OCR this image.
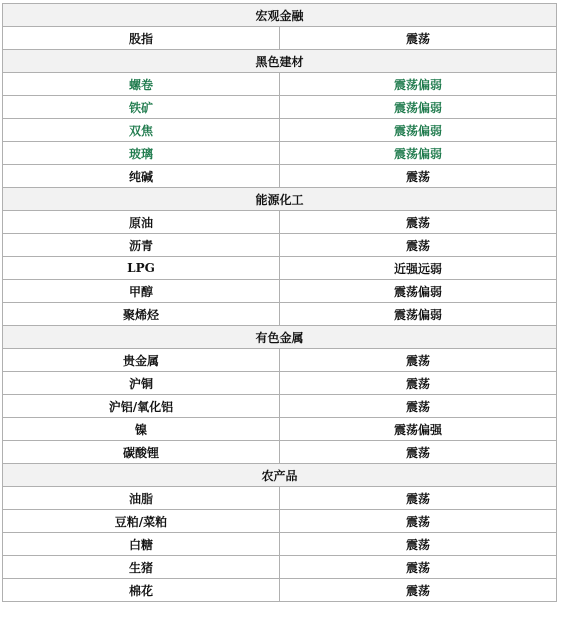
宏观金融	
股指	震荡
黑色建材	
螺卷	震荡偏弱
铁矿	震荡偏弱
双焦	震荡偏弱
玻璃	震荡偏弱
纯碱	震荡
能源化工	
原油	震荡
沥青	震荡
LPG	近强远弱
甲醇	震荡偏弱
聚烯烃	震荡偏弱
有色金属	
贵金属	震荡
沪铜	震荡
沪铝/氧化铝	震荡
镍	震荡偏强
碳酸锂	震荡
农产品	
油脂	震荡
豆粕/菜粕	震荡
白糖	震荡
生猪	震荡
棉花	震荡
